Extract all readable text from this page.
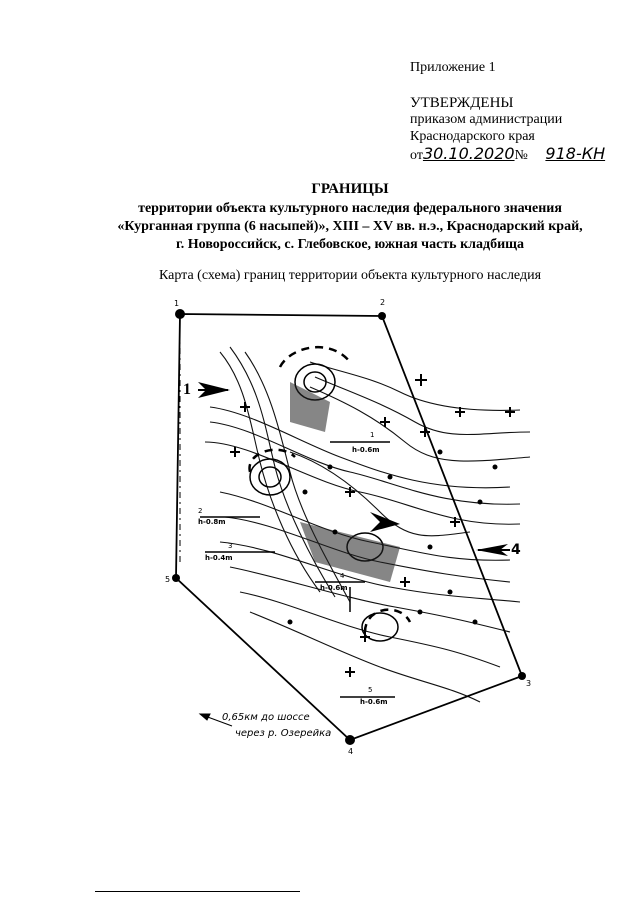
Приложение 1
УТВЕРЖДЕНЫ
приказом администрации
Краснодарского края
от30.10.2020№ 918-КН
ГРАНИЦЫ
территории объекта культурного наследия федерального значения
«Курганная группа (6 насыпей)», XIII – XV вв. н.э., Краснодарский край,
г. Новороссийск, с. Глебовское, южная часть кладбища
Карта (схема) границ территории объекта культурного наследия
h-0.6m
h-0.8m
h-0.4m
h-0.6m
h-0.6m
1
2
3
4
5
1
4
1	2
3
4
5
0,65км до шоссе
через р. Озерейка
